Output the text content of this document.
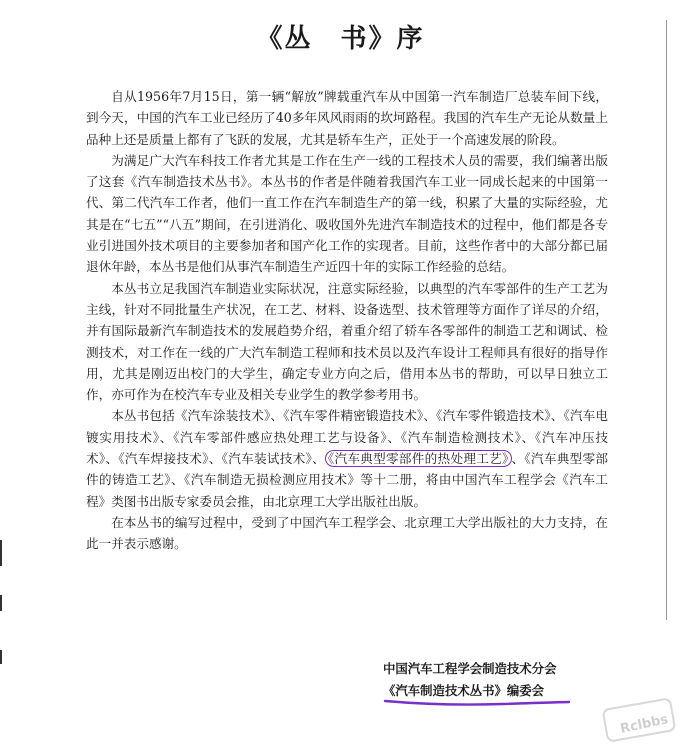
《丛　书》序

自从1956年7月15日，第一辆“解放”牌载重汽车从中国第一汽车制造厂总装车间下线，到今天，中国的汽车工业已经历了40多年风风雨雨的坎坷路程。我国的汽车生产无论从数量上品种上还是质量上都有了飞跃的发展，尤其是轿车生产，正处于一个高速发展的阶段。

为满足广大汽车科技工作者尤其是工作在生产一线的工程技术人员的需要，我们编著出版了这套《汽车制造技术丛书》。本丛书的作者是伴随着我国汽车工业一同成长起来的中国第一代、第二代汽车工作者，他们一直工作在汽车制造生产的第一线，积累了大量的实际经验，尤其是在“七五”“八五”期间，在引进消化、吸收国外先进汽车制造技术的过程中，他们都是各专业引进国外技术项目的主要参加者和国产化工作的实现者。目前，这些作者中的大部分都已届退休年龄，本丛书是他们从事汽车制造生产近四十年的实际工作经验的总结。

本丛书立足我国汽车制造业实际状况，注意实际经验，以典型的汽车零部件的生产工艺为主线，针对不同批量生产状况，在工艺、材料、设备选型、技术管理等方面作了详尽的介绍，并有国际最新汽车制造技术的发展趋势介绍，着重介绍了轿车各零部件的制造工艺和调试、检测技术，对工作在一线的广大汽车制造工程师和技术员以及汽车设计工程师具有很好的指导作用，尤其是刚迈出校门的大学生，确定专业方向之后，借用本丛书的帮助，可以早日独立工作，亦可作为在校汽车专业及相关专业学生的教学参考用书。

本丛书包括《汽车涂装技术》、《汽车零件精密锻造技术》、《汽车零件锻造技术》、《汽车电镀实用技术》、《汽车零部件感应热处理工艺与设备》、《汽车制造检测技术》、《汽车冲压技术》、《汽车焊接技术》、《汽车装试技术》、 《汽车典型零部件的热处理工艺》 、《汽车典型零部件的铸造工艺》、《汽车制造无损检测应用技术》等十二册，将由中国汽车工程学会《汽车工程》类图书出版专家委员会推，由北京理工大学出版社出版。

在本丛书的编写过程中，受到了中国汽车工程学会、北京理工大学出版社的大力支持，在此一并表示感谢。

中国汽车工程学会制造技术分会
《汽车制造技术丛书》编委会
Rclbbs
